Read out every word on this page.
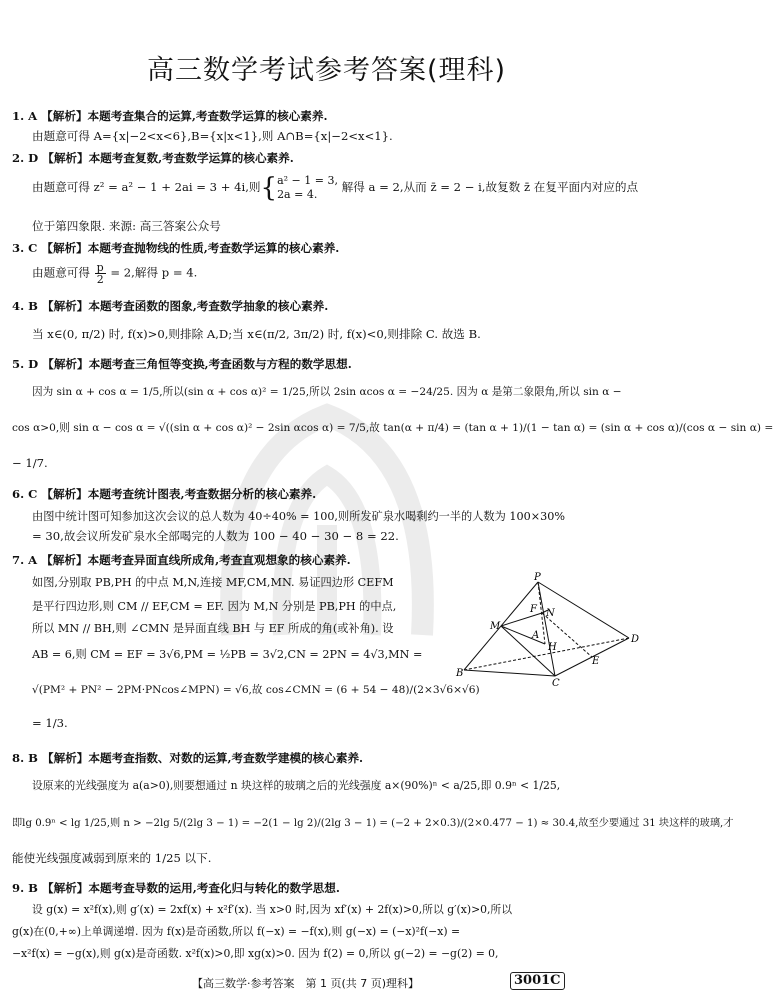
高三数学考试参考答案(理科)
1. A 【解析】本题考查集合的运算,考查数学运算的核心素养.
由题意可得 A={x|−2<x<6},B={x|x<1},则 A∩B={x|−2<x<1}.
2. D 【解析】本题考查复数,考查数学运算的核心素养.
由题意可得 z² = a² − 1 + 2ai = 3 + 4i,则{ a² − 1 = 3,
2a = 4.
解得 a = 2,从而 z̄ = 2 − i,故复数 z̄ 在复平面内对应的点
位于第四象限. 来源: 高三答案公众号
3. C 【解析】本题考查抛物线的性质,考查数学运算的核心素养.
由题意可得 $\frac{p}{2} = 2$,解得 p = 4.
4. B 【解析】本题考查函数的图象,考查数学抽象的核心素养.
当 x∈(0, π/2) 时, f(x)>0,则排除 A,D;当 x∈(π/2, 3π/2) 时, f(x)<0,则排除 C. 故选 B.
5. D 【解析】本题考查三角恒等变换,考查函数与方程的数学思想.
因为 sin α + cos α = 1/5,所以(sin α + cos α)² = 1/25,所以 2sin αcos α = −24/25. 因为 α 是第二象限角,所以 sin α −
cos α>0,则 sin α − cos α = √((sin α + cos α)² − 2sin αcos α) = 7/5,故 tan(α + π/4) = (tan α + 1)/(1 − tan α) = (sin α + cos α)/(cos α − sin α) =
− 1/7.
6. C 【解析】本题考查统计图表,考查数据分析的核心素养.
由图中统计图可知参加这次会议的总人数为 40÷40% = 100,则所发矿泉水喝剩约一半的人数为 100×30%
= 30,故会议所发矿泉水全部喝完的人数为 100 − 40 − 30 − 8 = 22.
7. A 【解析】本题考查异面直线所成角,考查直观想象的核心素养.
如图,分别取 PB,PH 的中点 M,N,连接 MF,CM,MN. 易证四边形 CEFM
是平行四边形,则 CM // EF,CM = EF. 因为 M,N 分别是 PB,PH 的中点,
所以 MN // BH,则 ∠CMN 是异面直线 BH 与 EF 所成的角(或补角). 设
AB = 6,则 CM = EF = 3√6,PM = ½PB = 3√2,CN = 2PN = 4√3,MN =
√(PM² + PN² − 2PM·PNcos∠MPN) = √6,故 cos∠CMN = (6 + 54 − 48)/(2×3√6×√6)
= 1/3.
P
F N
M
A
H
D
E
B
C
8. B 【解析】本题考查指数、对数的运算,考查数学建模的核心素养.
设原来的光线强度为 a(a>0),则要想通过 n 块这样的玻璃之后的光线强度 a×(90%)ⁿ < a/25,即 0.9ⁿ < 1/25,
即lg 0.9ⁿ < lg 1/25,则 n > −2lg 5/(2lg 3 − 1) = −2(1 − lg 2)/(2lg 3 − 1) = (−2 + 2×0.3)/(2×0.477 − 1) ≈ 30.4,故至少要通过 31 块这样的玻璃,才
能使光线强度减弱到原来的 1/25 以下.
9. B 【解析】本题考查导数的运用,考查化归与转化的数学思想.
设 g(x) = x²f(x),则 g′(x) = 2xf(x) + x²f′(x). 当 x>0 时,因为 xf′(x) + 2f(x)>0,所以 g′(x)>0,所以
g(x)在(0,+∞)上单调递增. 因为 f(x)是奇函数,所以 f(−x) = −f(x),则 g(−x) = (−x)²f(−x) =
−x²f(x) = −g(x),则 g(x)是奇函数. x²f(x)>0,即 xg(x)>0. 因为 f(2) = 0,所以 g(−2) = −g(2) = 0,
【高三数学·参考答案　第 1 页(共 7 页)理科】	3001C
